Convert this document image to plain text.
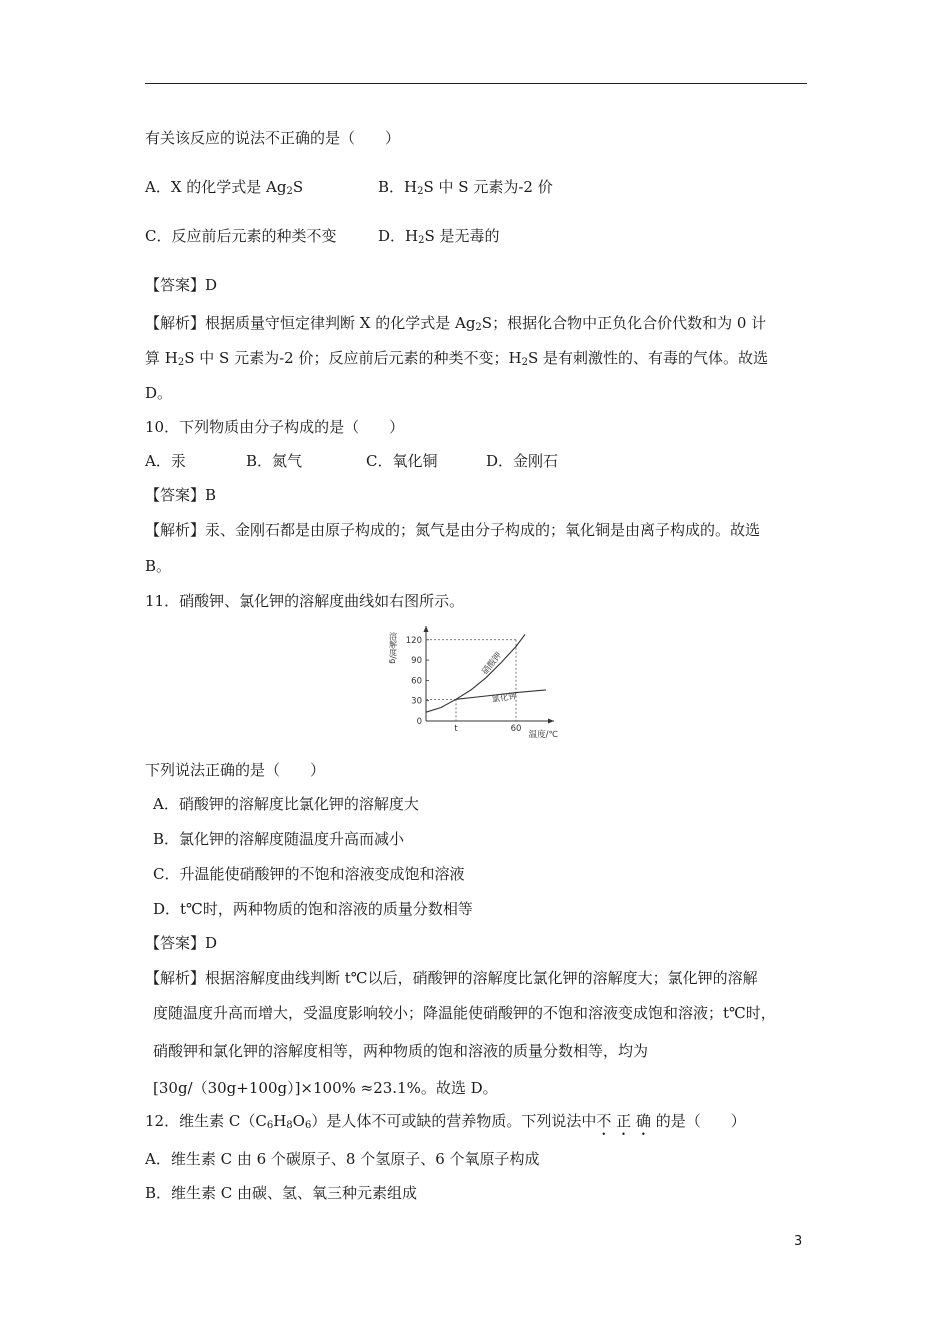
有关该反应的说法不正确的是（　　）
A．X 的化学式是 $Ag_2S$	B．$H_2S$ 中 S 元素为-2 价
C．反应前后元素的种类不变	D．$H_2S$ 是无毒的
【答案】D
【解析】根据质量守恒定律判断 X 的化学式是 $Ag_2S$；根据化合物中正负化合价代数和为 0 计
算 $H_2S$ 中 S 元素为-2 价；反应前后元素的种类不变；$H_2S$ 是有刺激性的、有毒的气体。故选
D。
10．下列物质由分子构成的是（　　）
A．汞	B．氮气	C．氧化铜	D．金刚石
【答案】B
【解析】汞、金刚石都是由原子构成的；氮气是由分子构成的；氧化铜是由离子构成的。故选
B。
11．硝酸钾、氯化钾的溶解度曲线如右图所示。
0
30
60
90
120
t	60
溶解度/g
温度/℃
硝酸钾
氯化钾
下列说法正确的是（　　）
A．硝酸钾的溶解度比氯化钾的溶解度大
B．氯化钾的溶解度随温度升高而减小
C．升温能使硝酸钾的不饱和溶液变成饱和溶液
D．t℃时，两种物质的饱和溶液的质量分数相等
【答案】D
【解析】根据溶解度曲线判断 t℃以后，硝酸钾的溶解度比氯化钾的溶解度大；氯化钾的溶解
度随温度升高而增大，受温度影响较小；降温能使硝酸钾的不饱和溶液变成饱和溶液；t℃时，
硝酸钾和氯化钾的溶解度相等，两种物质的饱和溶液的质量分数相等，均为
[30g/（30g+100g）]×100% ≈23.1%。故选 D。
12．维生素 $C(C_6H_8O_6)$是人体不可或缺的营养物质。下列说法中不 正 确 的是（　　）
A．维生素 C 由 6 个碳原子、8 个氢原子、6 个氧原子构成
B．维生素 C 由碳、氢、氧三种元素组成
3
